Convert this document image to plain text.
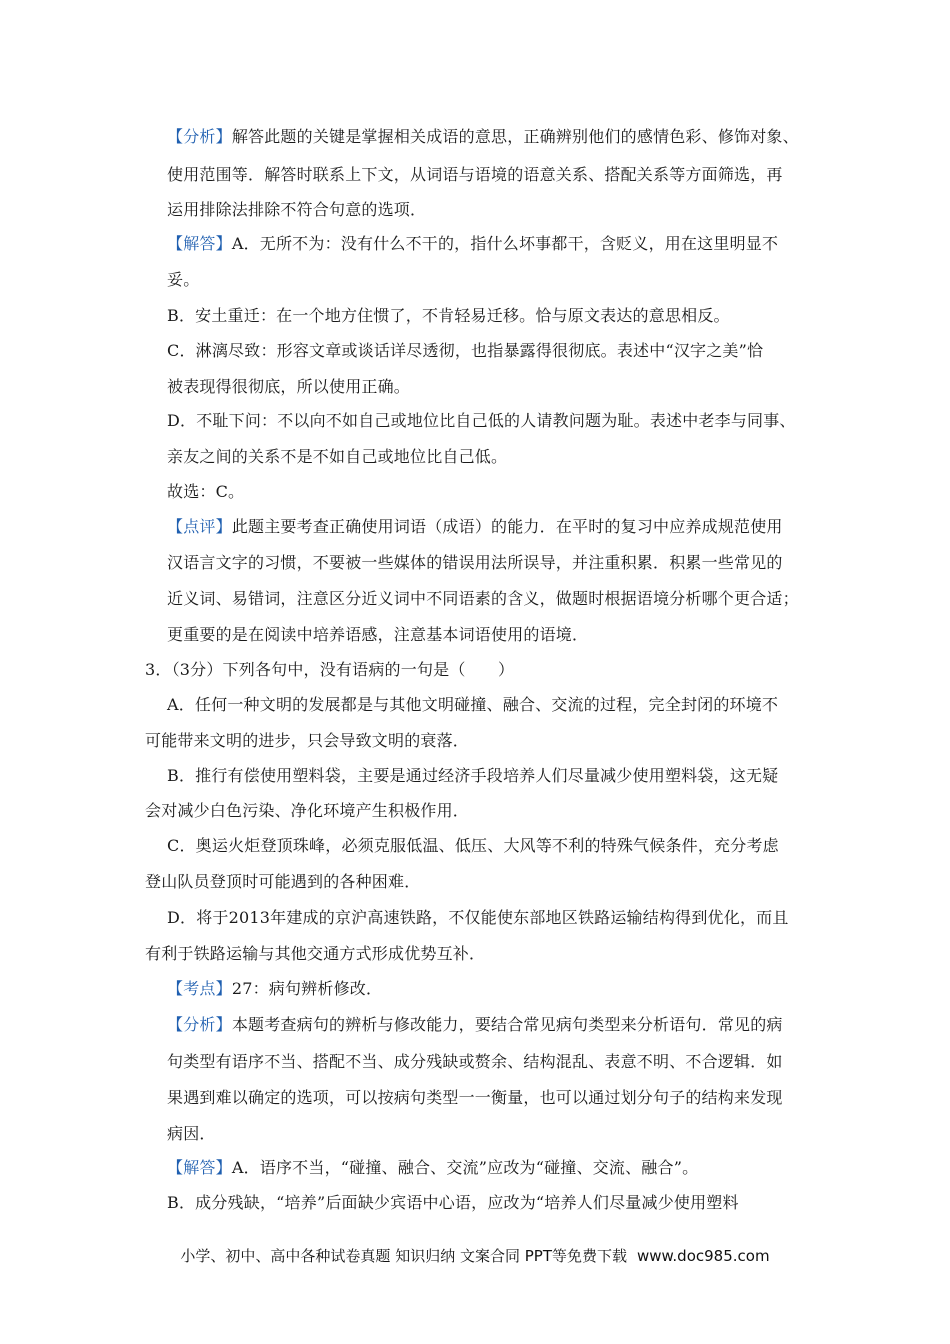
【分析】解答此题的关键是掌握相关成语的意思，正确辨别他们的感情色彩、修饰对象、
使用范围等．解答时联系上下文，从词语与语境的语意关系、搭配关系等方面筛选，再
运用排除法排除不符合句意的选项．
【解答】A．无所不为：没有什么不干的，指什么坏事都干，含贬义，用在这里明显不
妥。
B．安土重迁：在一个地方住惯了，不肯轻易迁移。恰与原文表达的意思相反。
C．淋漓尽致：形容文章或谈话详尽透彻，也指暴露得很彻底。表述中“汉字之美”恰
被表现得很彻底，所以使用正确。
D．不耻下问：不以向不如自己或地位比自己低的人请教问题为耻。表述中老李与同事、
亲友之间的关系不是不如自己或地位比自己低。
故选：C。
【点评】此题主要考查正确使用词语（成语）的能力．在平时的复习中应养成规范使用
汉语言文字的习惯，不要被一些媒体的错误用法所误导，并注重积累．积累一些常见的
近义词、易错词，注意区分近义词中不同语素的含义，做题时根据语境分析哪个更合适；
更重要的是在阅读中培养语感，注意基本词语使用的语境．
3．（3分）下列各句中，没有语病的一句是（　　）
A．任何一种文明的发展都是与其他文明碰撞、融合、交流的过程，完全封闭的环境不
可能带来文明的进步，只会导致文明的衰落．
B．推行有偿使用塑料袋，主要是通过经济手段培养人们尽量减少使用塑料袋，这无疑
会对减少白色污染、净化环境产生积极作用．
C．奥运火炬登顶珠峰，必须克服低温、低压、大风等不利的特殊气候条件，充分考虑
登山队员登顶时可能遇到的各种困难．
D．将于2013年建成的京沪高速铁路，不仅能使东部地区铁路运输结构得到优化，而且
有利于铁路运输与其他交通方式形成优势互补．
【考点】27：病句辨析修改．
【分析】本题考查病句的辨析与修改能力，要结合常见病句类型来分析语句．常见的病
句类型有语序不当、搭配不当、成分残缺或赘余、结构混乱、表意不明、不合逻辑．如
果遇到难以确定的选项，可以按病句类型一一衡量，也可以通过划分句子的结构来发现
病因．
【解答】A．语序不当，“碰撞、融合、交流”应改为“碰撞、交流、融合”。
B．成分残缺，“培养”后面缺少宾语中心语，应改为“培养人们尽量减少使用塑料
小学、初中、高中各种试卷真题 知识归纳 文案合同 PPT等免费下载 www.doc985.com
